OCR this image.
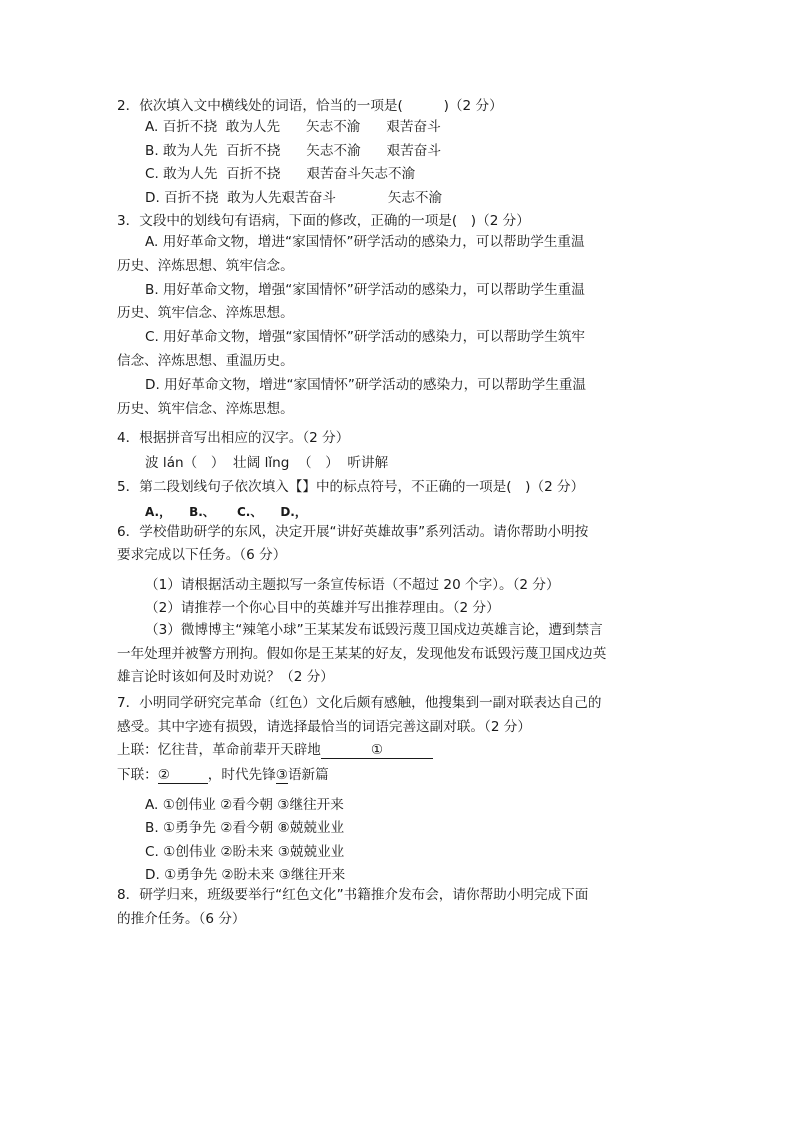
2．依次填入文中横线处的词语，恰当的一项是(　　　)（2 分）
A. 百折不挠  敢为人先      矢志不渝      艰苦奋斗
B. 敢为人先  百折不挠      矢志不渝      艰苦奋斗
C. 敢为人先  百折不挠      艰苦奋斗矢志不渝
D. 百折不挠  敢为人先艰苦奋斗            矢志不渝
3．文段中的划线句有语病，下面的修改，正确的一项是(　)（2 分）
A. 用好革命文物，增进“家国情怀”研学活动的感染力，可以帮助学生重温
历史、淬炼思想、筑牢信念。
B. 用好革命文物，增强“家国情怀”研学活动的感染力，可以帮助学生重温
历史、筑牢信念、淬炼思想。
C. 用好革命文物，增强“家国情怀”研学活动的感染力，可以帮助学生筑牢
信念、淬炼思想、重温历史。
D. 用好革命文物，增进“家国情怀”研学活动的感染力，可以帮助学生重温
历史、筑牢信念、淬炼思想。
4．根据拼音写出相应的汉字。（2 分）
波 lán（　）  壮阔 lǐng  （　）  听讲解
5．第二段划线句子依次填入【】中的标点符号，不正确的一项是(　)（2 分）
A.，　　B.、　　 C.、　　D.，
6．学校借助研学的东风，决定开展“讲好英雄故事”系列活动。请你帮助小明按
要求完成以下任务。（6 分）
（1）请根据活动主题拟写一条宣传标语（不超过 20 个字）。（2 分）
（2）请推荐一个你心目中的英雄并写出推荐理由。（2 分）
（3）微博博主“辣笔小球”王某某发布诋毁污蔑卫国戍边英雄言论，遭到禁言
一年处理并被警方刑拘。假如你是王某某的好友，发现他发布诋毁污蔑卫国戍边英
雄言论时该如何及时劝说？（2 分）
7．小明同学研究完革命（红色）文化后颇有感触，他搜集到一副对联表达自己的
感受。其中字迹有损毁，请选择最恰当的词语完善这副对联。（2 分）
上联：忆往昔，革命前辈开天辟地	①
下联：②	，时代先锋③语新篇
A. ①创伟业 ②看今朝 ③继往开来
B. ①勇争先 ②看今朝 ⑧兢兢业业
C. ①创伟业 ②盼未来 ③兢兢业业
D. ①勇争先 ②盼未来 ③继往开来
8．研学归来，班级要举行“红色文化”书籍推介发布会，请你帮助小明完成下面
的推介任务。（6 分）
